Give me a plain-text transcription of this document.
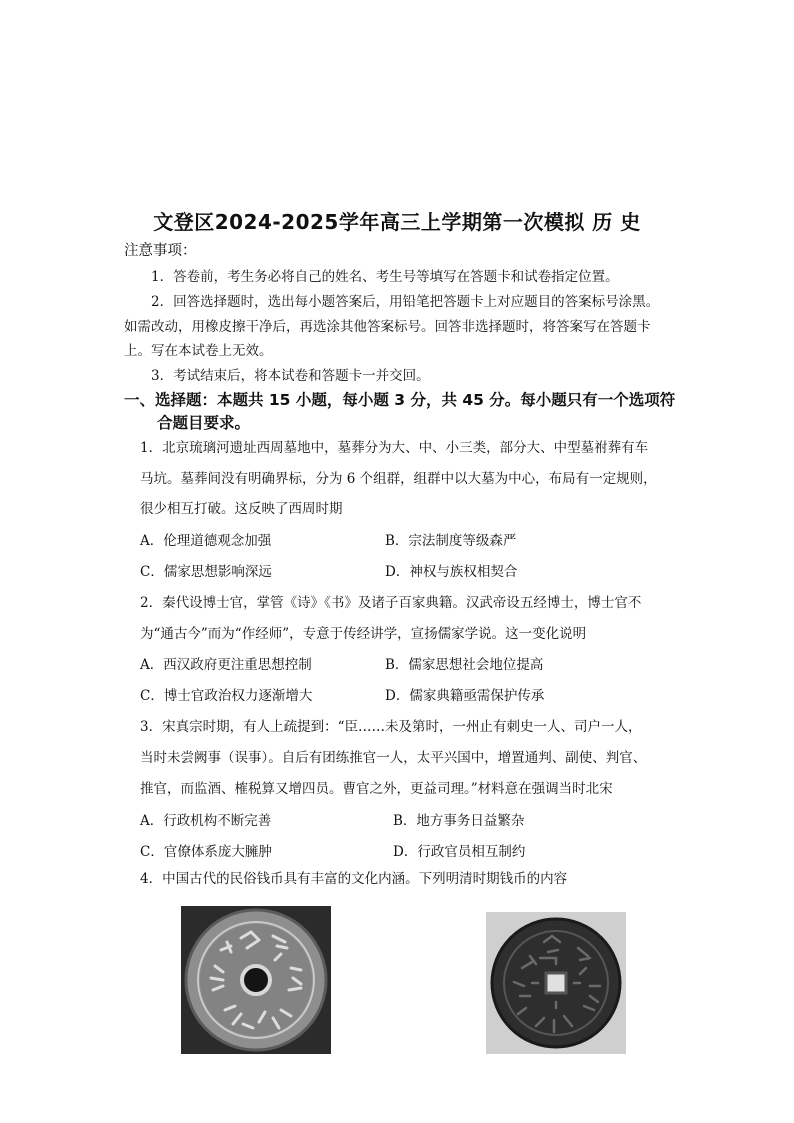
文登区2024-2025学年高三上学期第一次模拟 历 史
注意事项：
1．答卷前，考生务必将自己的姓名、考生号等填写在答题卡和试卷指定位置。
2．回答选择题时，选出每小题答案后，用铅笔把答题卡上对应题目的答案标号涂黑。
如需改动，用橡皮擦干净后，再选涂其他答案标号。回答非选择题时，将答案写在答题卡
上。写在本试卷上无效。
3．考试结束后，将本试卷和答题卡一并交回。
一、选择题：本题共 15 小题，每小题 3 分，共 45 分。每小题只有一个选项符
合题目要求。
1．北京琉璃河遗址西周墓地中，墓葬分为大、中、小三类，部分大、中型墓祔葬有车
马坑。墓葬间没有明确界标，分为 6 个组群，组群中以大墓为中心，布局有一定规则，
很少相互打破。这反映了西周时期
A．伦理道德观念加强	B．宗法制度等级森严
C．儒家思想影响深远	D．神权与族权相契合
2．秦代设博士官，掌管《诗》《书》及诸子百家典籍。汉武帝设五经博士，博士官不
为“通古今”而为“作经师”，专意于传经讲学，宣扬儒家学说。这一变化说明
A．西汉政府更注重思想控制	B．儒家思想社会地位提高
C．博士官政治权力逐渐增大	D．儒家典籍亟需保护传承
3．宋真宗时期，有人上疏提到：“臣……未及第时，一州止有刺史一人、司户一人，
当时未尝阙事（误事）。自后有团练推官一人，太平兴国中，增置通判、副使、判官、
推官，而监酒、榷税算又增四员。曹官之外，更益司理。”材料意在强调当时北宋
A．行政机构不断完善	B．地方事务日益繁杂
C．官僚体系庞大臃肿	D．行政官员相互制约
4．中国古代的民俗钱币具有丰富的文化内涵。下列明清时期钱币的内容
